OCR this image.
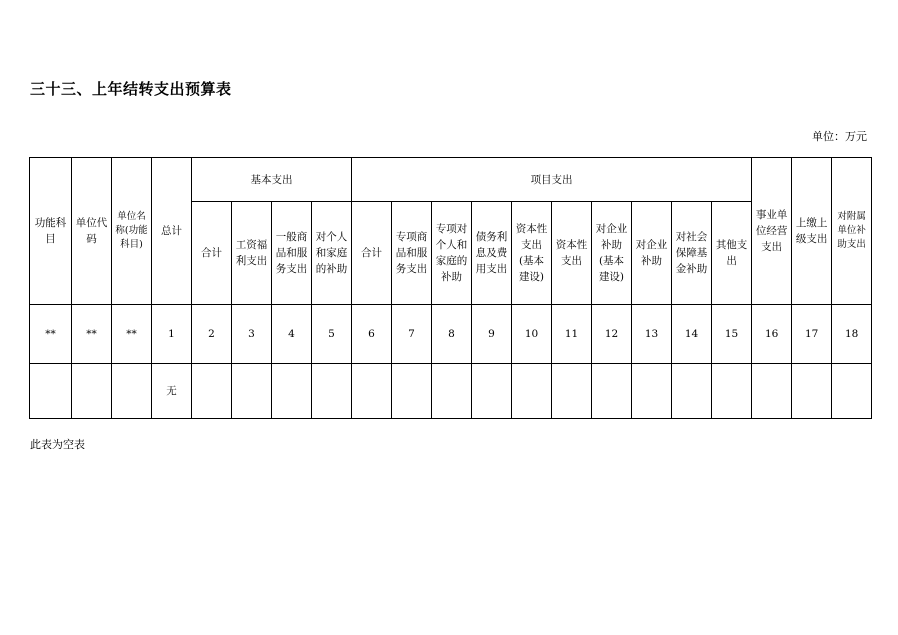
三十三、上年结转支出预算表
单位：万元
功能科目	单位代码	单位名称(功能科目)	总计	基本支出				项目支出										事业单位经营支出	上缴上级支出	对附属单位补助支出
				合计	工资福利支出	一般商品和服务支出	对个人和家庭的补助	合计	专项商品和服务支出	专项对个人和家庭的补助	债务利息及费用支出	资本性支出(基本建设)	资本性支出	对企业补助(基本建设)	对企业补助	对社会保障基金补助	其他支出			
**	**	**	1	2	3	4	5	6	7	8	9	10	11	12	13	14	15	16	17	18
			无																	
此表为空表
